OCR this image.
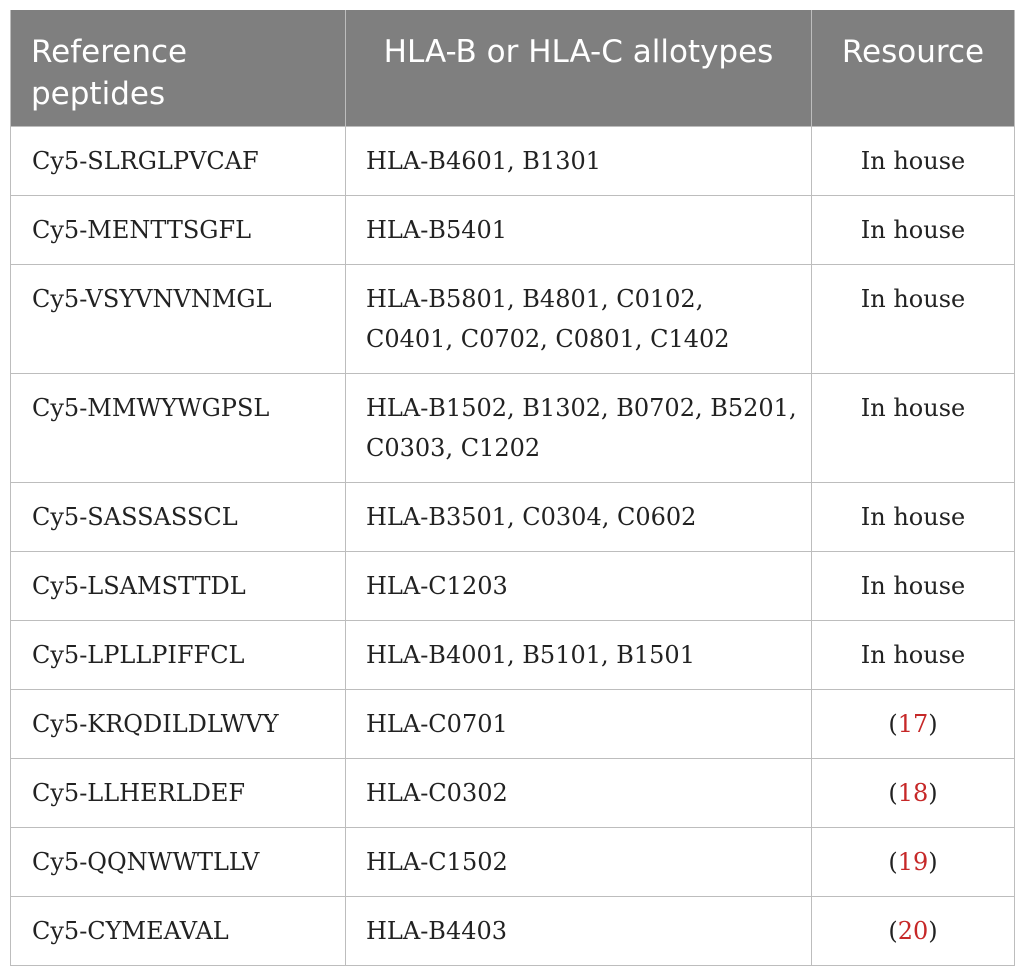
Reference peptides	HLA-B or HLA-C allotypes	Resource
Cy5-SLRGLPVCAF	HLA-B4601, B1301	In house
Cy5-MENTTSGFL	HLA-B5401	In house
Cy5-VSYVNVNMGL	HLA-B5801, B4801, C0102, C0401, C0702, C0801, C1402	In house
Cy5-MMWYWGPSL	HLA-B1502, B1302, B0702, B5201, C0303, C1202	In house
Cy5-SASSASSCL	HLA-B3501, C0304, C0602	In house
Cy5-LSAMSTTDL	HLA-C1203	In house
Cy5-LPLLPIFFCL	HLA-B4001, B5101, B1501	In house
Cy5-KRQDILDLWVY	HLA-C0701	(17)
Cy5-LLHERLDEF	HLA-C0302	(18)
Cy5-QQNWWTLLV	HLA-C1502	(19)
Cy5-CYMEAVAL	HLA-B4403	(20)
